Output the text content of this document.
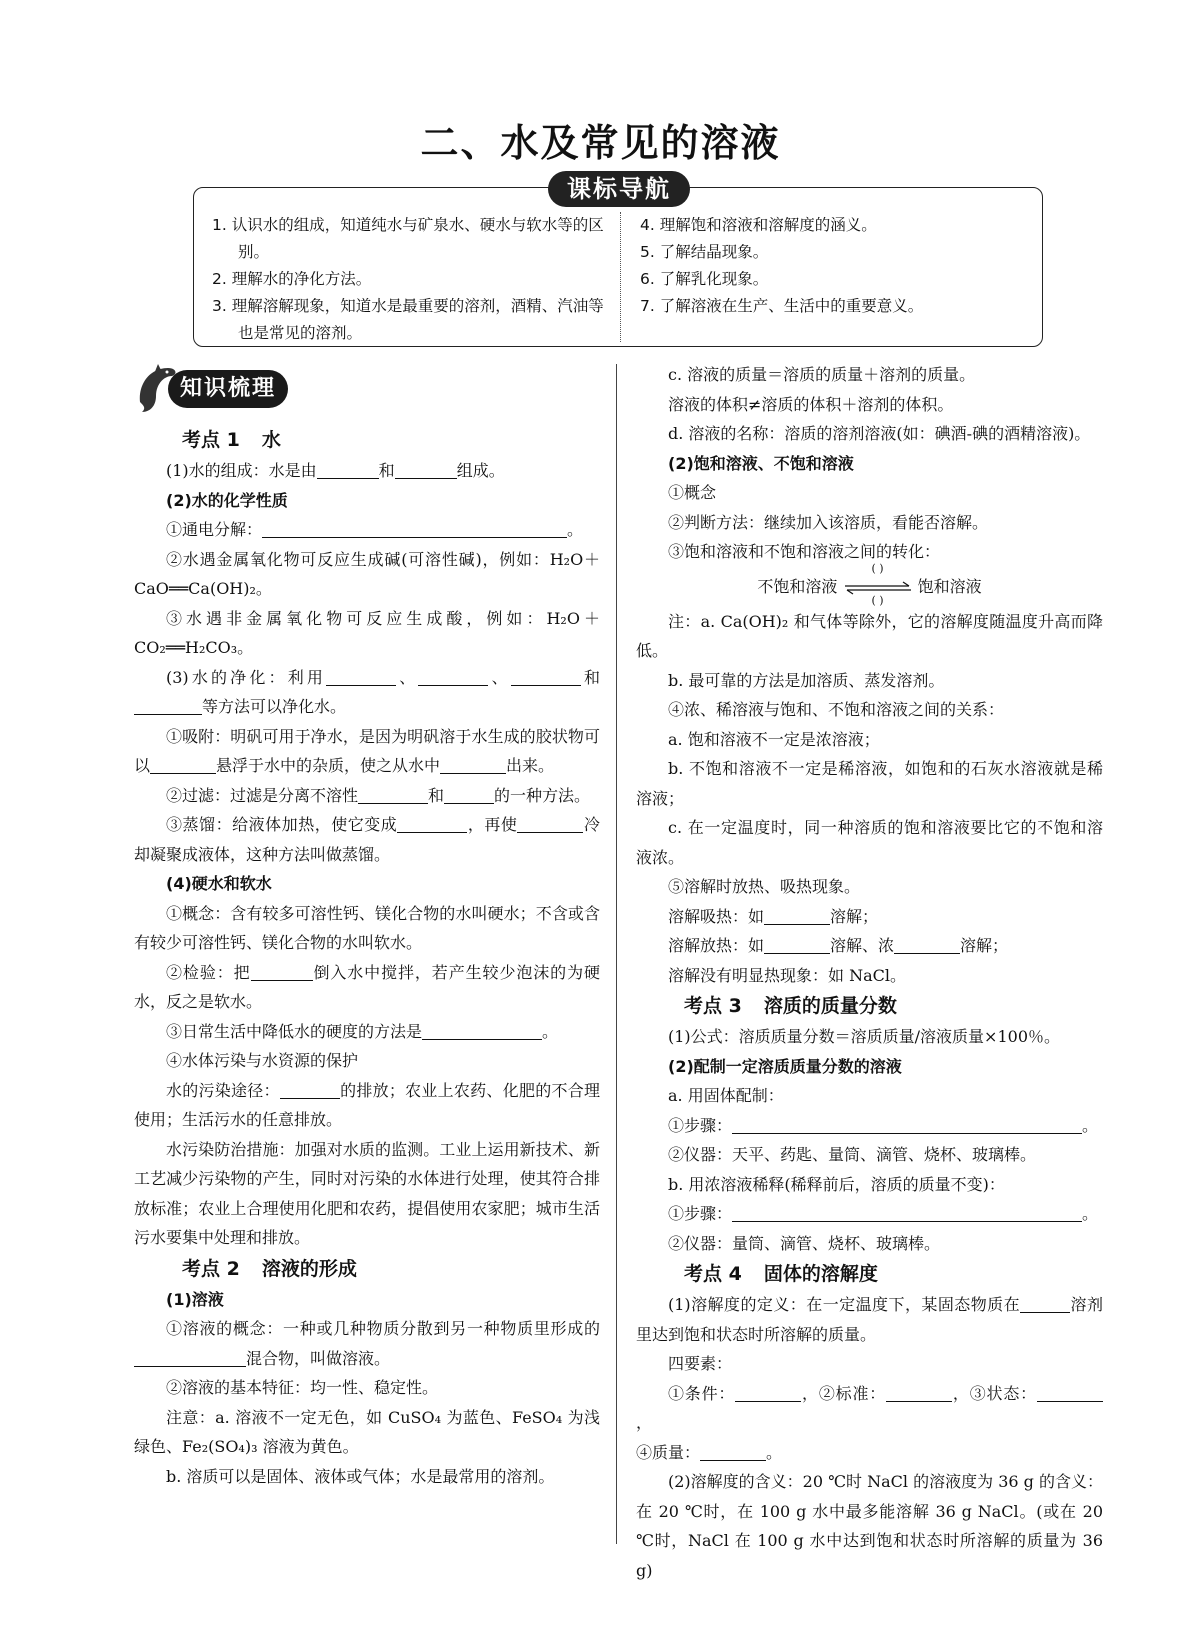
二、水及常见的溶液
课标导航
1. 认识水的组成，知道纯水与矿泉水、硬水与软水等的区别。
2. 理解水的净化方法。
3. 理解溶解现象，知道水是最重要的溶剂，酒精、汽油等也是常见的溶剂。
4. 理解饱和溶液和溶解度的涵义。
5. 了解结晶现象。
6. 了解乳化现象。
7. 了解溶液在生产、生活中的重要意义。
知识梳理
考点 1 水

(1)水的组成：水是由	和	组成。

(2)水的化学性质

①通电分解：	。

②水遇金属氧化物可反应生成碱(可溶性碱)，例如：H₂O＋CaO══Ca(OH)₂。

③水遇非金属氧化物可反应生成酸，例如：H₂O＋CO₂══H₂CO₃。

(3)水的净化：利用	、	、	和等方法可以净化水。

①吸附：明矾可用于净水，是因为明矾溶于水生成的胶状物可以	悬浮于水中的杂质，使之从水中	出来。

②过滤：过滤是分离不溶性	和	的一种方法。

③蒸馏：给液体加热，使它变成	，再使	冷却凝聚成液体，这种方法叫做蒸馏。

(4)硬水和软水

①概念：含有较多可溶性钙、镁化合物的水叫硬水；不含或含有较少可溶性钙、镁化合物的水叫软水。

②检验：把	倒入水中搅拌，若产生较少泡沫的为硬水，反之是软水。

③日常生活中降低水的硬度的方法是	。

④水体污染与水资源的保护

水的污染途径：	的排放；农业上农药、化肥的不合理使用；生活污水的任意排放。

水污染防治措施：加强对水质的监测。工业上运用新技术、新工艺减少污染物的产生，同时对污染的水体进行处理，使其符合排放标准；农业上合理使用化肥和农药，提倡使用农家肥；城市生活污水要集中处理和排放。

考点 2 溶液的形成

(1)溶液

①溶液的概念：一种或几种物质分散到另一种物质里形成的混合物，叫做溶液。

②溶液的基本特征：均一性、稳定性。

注意：a. 溶液不一定无色，如 CuSO₄ 为蓝色、FeSO₄ 为浅绿色、Fe₂(SO₄)₃ 溶液为黄色。

b. 溶质可以是固体、液体或气体；水是最常用的溶剂。

c. 溶液的质量＝溶质的质量＋溶剂的质量。

溶液的体积≠溶质的体积＋溶剂的体积。

d. 溶液的名称：溶质的溶剂溶液(如：碘酒-碘的酒精溶液)。

(2)饱和溶液、不饱和溶液

①概念

②判断方法：继续加入该溶质，看能否溶解。

③饱和溶液和不饱和溶液之间的转化：

不饱和溶液
( )
( )
饱和溶液

注：a. Ca(OH)₂ 和气体等除外，它的溶解度随温度升高而降低。

b. 最可靠的方法是加溶质、蒸发溶剂。

④浓、稀溶液与饱和、不饱和溶液之间的关系：

a. 饱和溶液不一定是浓溶液；

b. 不饱和溶液不一定是稀溶液，如饱和的石灰水溶液就是稀溶液；

c. 在一定温度时，同一种溶质的饱和溶液要比它的不饱和溶液浓。

⑤溶解时放热、吸热现象。

溶解吸热：如	溶解；

溶解放热：如	溶解、浓	溶解；

溶解没有明显热现象：如 NaCl。

考点 3 溶质的质量分数

(1)公式：溶质质量分数＝溶质质量/溶液质量×100％。

(2)配制一定溶质质量分数的溶液

a. 用固体配制：

①步骤：	。

②仪器：天平、药匙、量筒、滴管、烧杯、玻璃棒。

b. 用浓溶液稀释(稀释前后，溶质的质量不变)：

①步骤：	。

②仪器：量筒、滴管、烧杯、玻璃棒。

考点 4 固体的溶解度

(1)溶解度的定义：在一定温度下，某固态物质在	溶剂里达到饱和状态时所溶解的质量。

四要素：

①条件：	，②标准：	，③状态：，

④质量：	。

(2)溶解度的含义：20 ℃时 NaCl 的溶液度为 36 g 的含义：在 20 ℃时，在 100 g 水中最多能溶解 36 g NaCl。(或在 20 ℃时，NaCl 在 100 g 水中达到饱和状态时所溶解的质量为 36 g)
